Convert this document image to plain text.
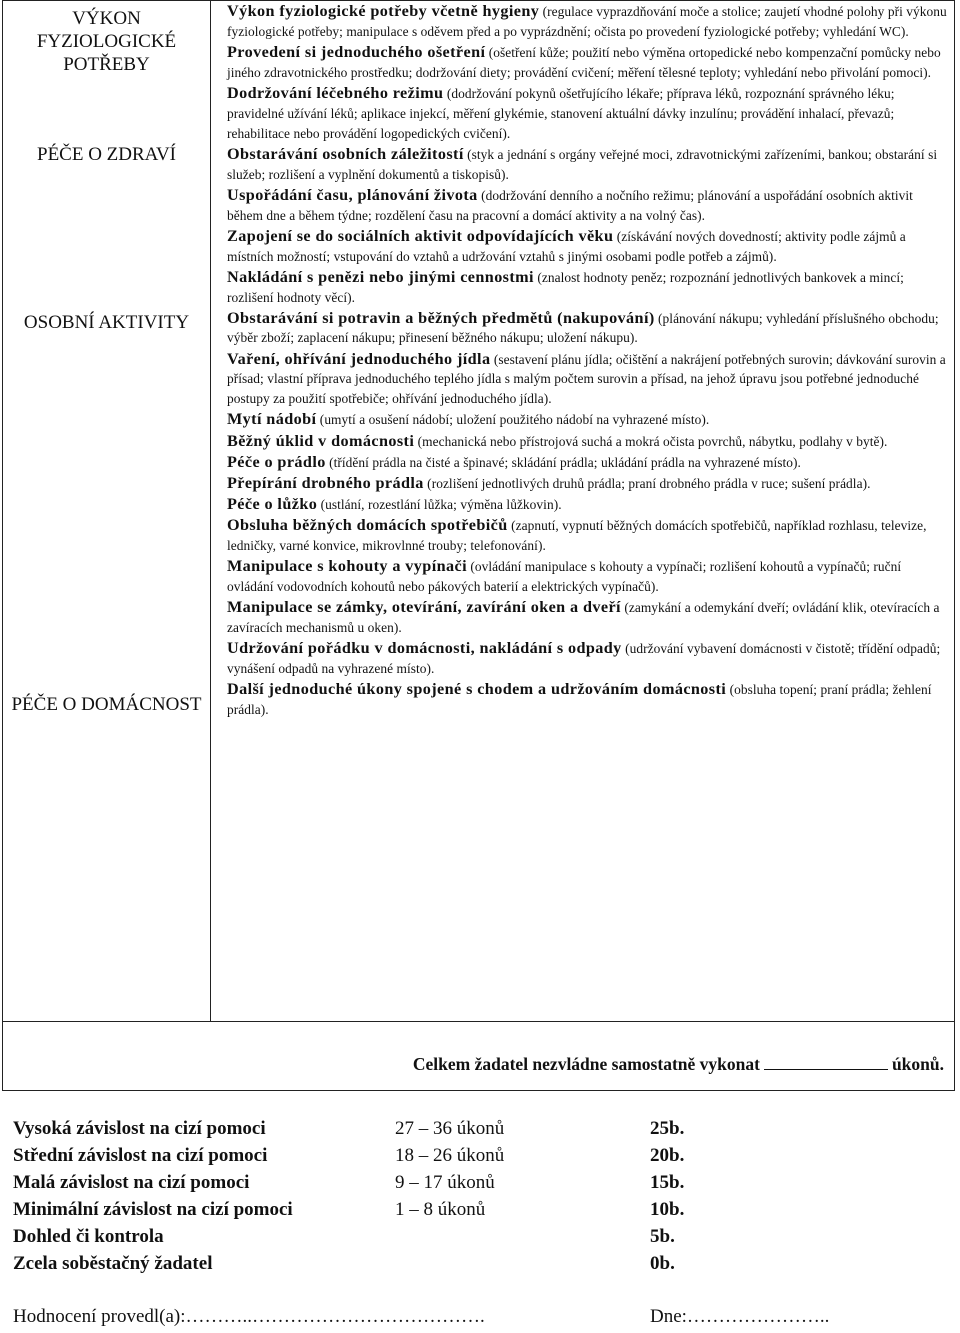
VÝKON FYZIOLOGICKÉ POTŘEBY
PÉČE O ZDRAVÍ
OSOBNÍ AKTIVITY
PÉČE O DOMÁCNOST

Výkon fyziologické potřeby včetně hygieny (regulace vyprazdňování moče a stolice; zaujetí vhodné polohy při výkonu fyziologické potřeby; manipulace s oděvem před a po vyprázdnění; očista po provedení fyziologické potřeby; vyhledání WC).
Provedení si jednoduchého ošetření (ošetření kůže; použití nebo výměna ortopedické nebo kompenzační pomůcky nebo jiného zdravotnického prostředku; dodržování diety; provádění cvičení; měření tělesné teploty; vyhledání nebo přivolání pomoci).
Dodržování léčebného režimu (dodržování pokynů ošetřujícího lékaře; příprava léků, rozpoznání správného léku; pravidelné užívání léků; aplikace injekcí, měření glykémie, stanovení aktuální dávky inzulínu; provádění inhalací, převazů; rehabilitace nebo provádění logopedických cvičení).
Obstarávání osobních záležitostí (styk a jednání s orgány veřejné moci, zdravotnickými zařízeními, bankou; obstarání si služeb; rozlišení a vyplnění dokumentů a tiskopisů).
Uspořádání času, plánování života (dodržování denního a nočního režimu; plánování a uspořádání osobních aktivit během dne a během týdne; rozdělení času na pracovní a domácí aktivity a na volný čas).
Zapojení se do sociálních aktivit odpovídajících věku (získávání nových dovedností; aktivity podle zájmů a místních možností; vstupování do vztahů a udržování vztahů s jinými osobami podle potřeb a zájmů).
Nakládání s penězi nebo jinými cennostmi (znalost hodnoty peněz; rozpoznání jednotlivých bankovek a mincí; rozlišení hodnoty věcí).
Obstarávání si potravin a běžných předmětů (nakupování) (plánování nákupu; vyhledání příslušného obchodu; výběr zboží; zaplacení nákupu; přinesení běžného nákupu; uložení nákupu).
Vaření, ohřívání jednoduchého jídla (sestavení plánu jídla; očištění a nakrájení potřebných surovin; dávkování surovin a přísad; vlastní příprava jednoduchého teplého jídla s malým počtem surovin a přísad, na jehož úpravu jsou potřebné jednoduché postupy za použití spotřebiče; ohřívání jednoduchého jídla).
Mytí nádobí (umytí a osušení nádobí; uložení použitého nádobí na vyhrazené místo).
Běžný úklid v domácnosti (mechanická nebo přístrojová suchá a mokrá očista povrchů, nábytku, podlahy v bytě).
Péče o prádlo (třídění prádla na čisté a špinavé; skládání prádla; ukládání prádla na vyhrazené místo).
Přepírání drobného prádla (rozlišení jednotlivých druhů prádla; praní drobného prádla v ruce; sušení prádla).
Péče o lůžko (ustlání, rozestlání lůžka; výměna lůžkovin).
Obsluha běžných domácích spotřebičů (zapnutí, vypnutí běžných domácích spotřebičů, například rozhlasu, televize, ledničky, varné konvice, mikrovlnné trouby; telefonování).
Manipulace s kohouty a vypínači (ovládání manipulace s kohouty a vypínači; rozlišení kohoutů a vypínačů; ruční ovládání vodovodních kohoutů nebo pákových baterií a elektrických vypínačů).
Manipulace se zámky, otevírání, zavírání oken a dveří (zamykání a odemykání dveří; ovládání klik, otevíracích a zavíracích mechanismů u oken).
Udržování pořádku v domácnosti, nakládání s odpady (udržování vybavení domácnosti v čistotě; třídění odpadů; vynášení odpadů na vyhrazené místo).
Další jednoduché úkony spojené s chodem a udržováním domácnosti (obsluha topení; praní prádla; žehlení prádla).

Celkem žadatel nezvládne samostatně vykonat	úkonů.
Vysoká závislost na cizí pomoci	27 – 36 úkonů	25b.
Střední závislost na cizí pomoci	18 – 26 úkonů	20b.
Malá závislost na cizí pomoci	9 – 17 úkonů	15b.
Minimální závislost na cizí pomoci	1 – 8 úkonů	10b.
Dohled či kontrola	5b.
Zcela soběstačný žadatel	0b.
Hodnocení provedl(a):………..……………………………….	Dne:…………………..
